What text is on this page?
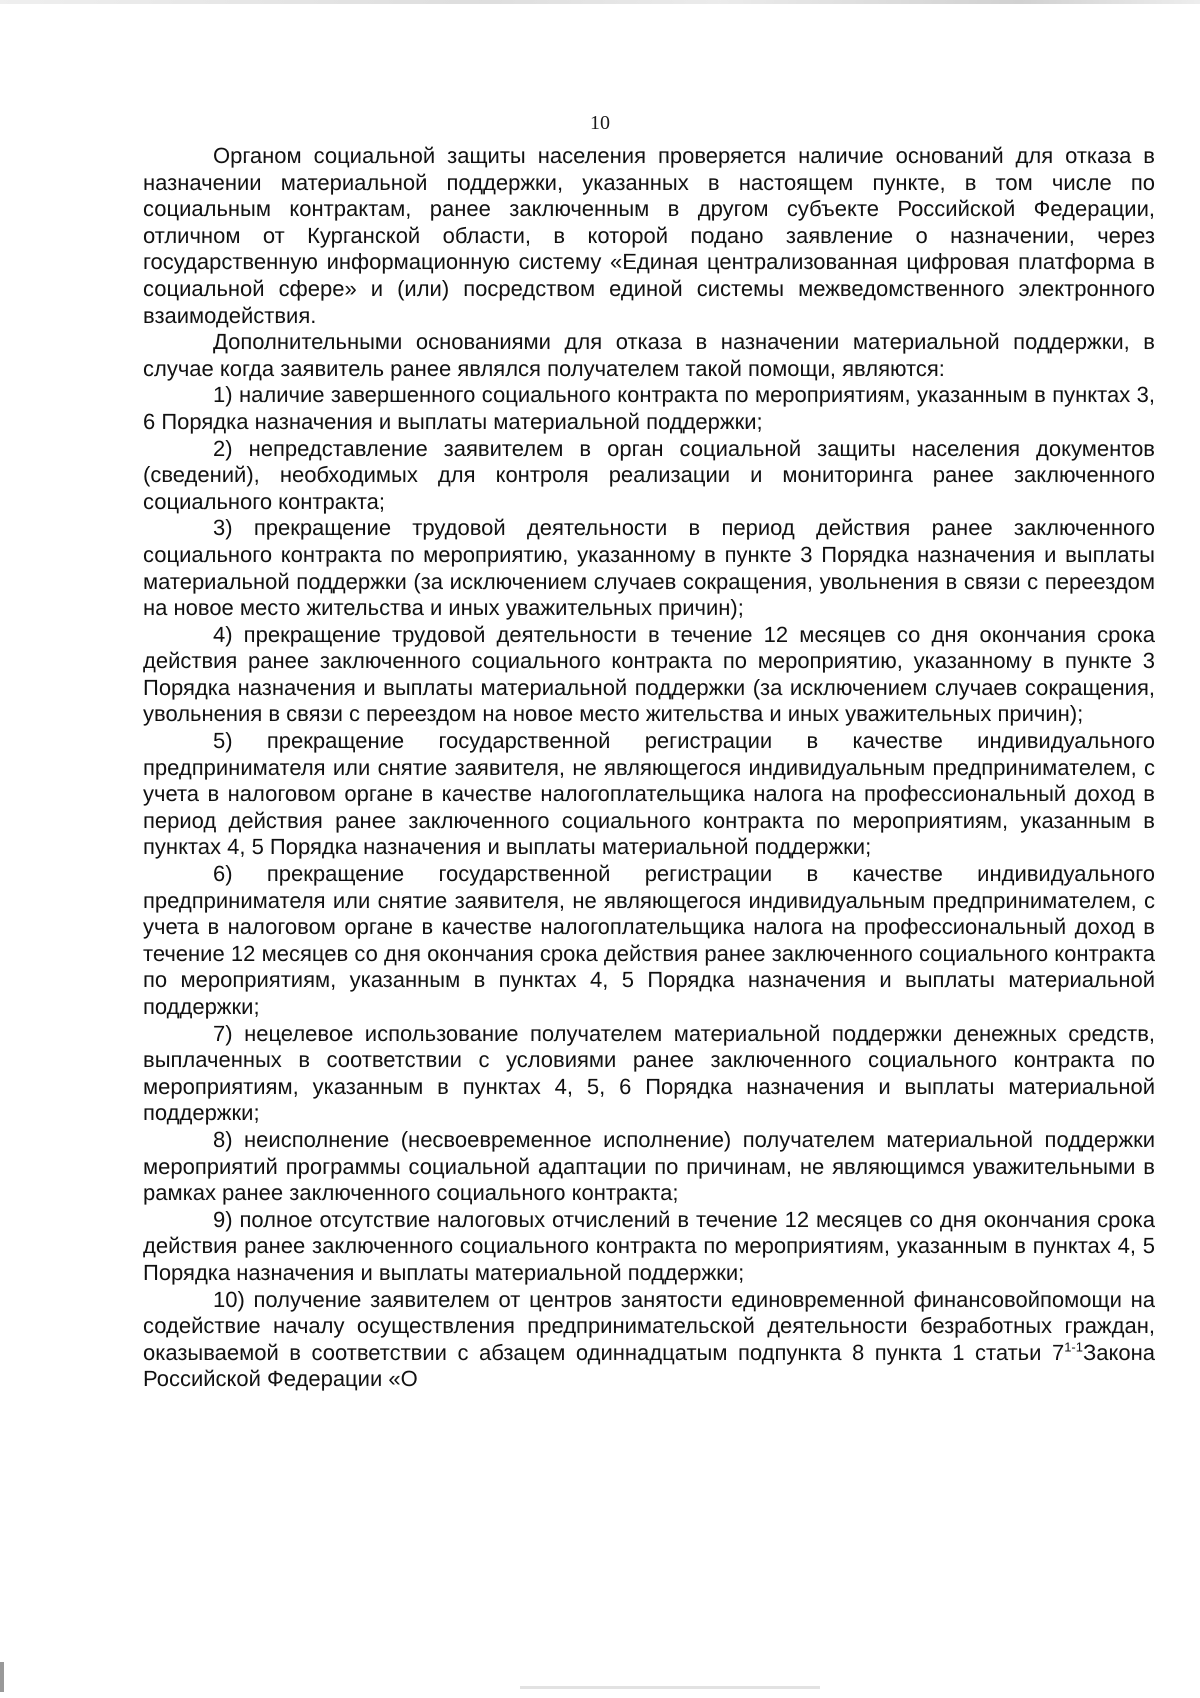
10

Органом социальной защиты населения проверяется наличие оснований для отказа в назначении материальной поддержки, указанных в настоящем пункте, в том числе по социальным контрактам, ранее заключенным в другом субъекте Российской Федерации, отличном от Курганской области, в которой подано заявление о назначении, через государственную информационную систему «Единая централизованная цифровая платформа в социальной сфере» и (или) посредством единой системы межведомственного электронного взаимодействия.

Дополнительными основаниями для отказа в назначении материальной поддержки, в случае когда заявитель ранее являлся получателем такой помощи, являются:

1) наличие завершенного социального контракта по мероприятиям, указанным в пунктах 3, 6 Порядка назначения и выплаты материальной поддержки;

2) непредставление заявителем в орган социальной защиты населения документов (сведений), необходимых для контроля реализации и мониторинга ранее заключенного социального контракта;

3) прекращение трудовой деятельности в период действия ранее заключенного социального контракта по мероприятию, указанному в пункте 3 Порядка назначения и выплаты материальной поддержки (за исключением случаев сокращения, увольнения в связи с переездом на новое место жительства и иных уважительных причин);

4) прекращение трудовой деятельности в течение 12 месяцев со дня окончания срока действия ранее заключенного социального контракта по мероприятию, указанному в пункте 3 Порядка назначения и выплаты материальной поддержки (за исключением случаев сокращения, увольнения в связи с переездом на новое место жительства и иных уважительных причин);

5) прекращение государственной регистрации в качестве индивидуального предпринимателя или снятие заявителя, не являющегося индивидуальным предпринимателем, с учета в налоговом органе в качестве налогоплательщика налога на профессиональный доход в период действия ранее заключенного социального контракта по мероприятиям, указанным в пунктах 4, 5 Порядка назначения и выплаты материальной поддержки;

6) прекращение государственной регистрации в качестве индивидуального предпринимателя или снятие заявителя, не являющегося индивидуальным предпринимателем, с учета в налоговом органе в качестве налогоплательщика налога на профессиональный доход в течение 12 месяцев со дня окончания срока действия ранее заключенного социального контракта по мероприятиям, указанным в пунктах 4, 5 Порядка назначения и выплаты материальной поддержки;

7) нецелевое использование получателем материальной поддержки денежных средств, выплаченных в соответствии с условиями ранее заключенного социального контракта по мероприятиям, указанным в пунктах 4, 5, 6 Порядка назначения и выплаты материальной поддержки;

8) неисполнение (несвоевременное исполнение) получателем материальной поддержки мероприятий программы социальной адаптации по причинам, не являющимся уважительными в рамках ранее заключенного социального контракта;

9) полное отсутствие налоговых отчислений в течение 12 месяцев со дня окончания срока действия ранее заключенного социального контракта по мероприятиям, указанным в пунктах 4, 5 Порядка назначения и выплаты материальной поддержки;

10) получение заявителем от центров занятости единовременной финансовойпомощи на содействие началу осуществления предпринимательской деятельности безработных граждан, оказываемой в соответствии с абзацем одиннадцатым подпункта 8 пункта 1 статьи 7$^{1-1}$Закона Российской Федерации «О
